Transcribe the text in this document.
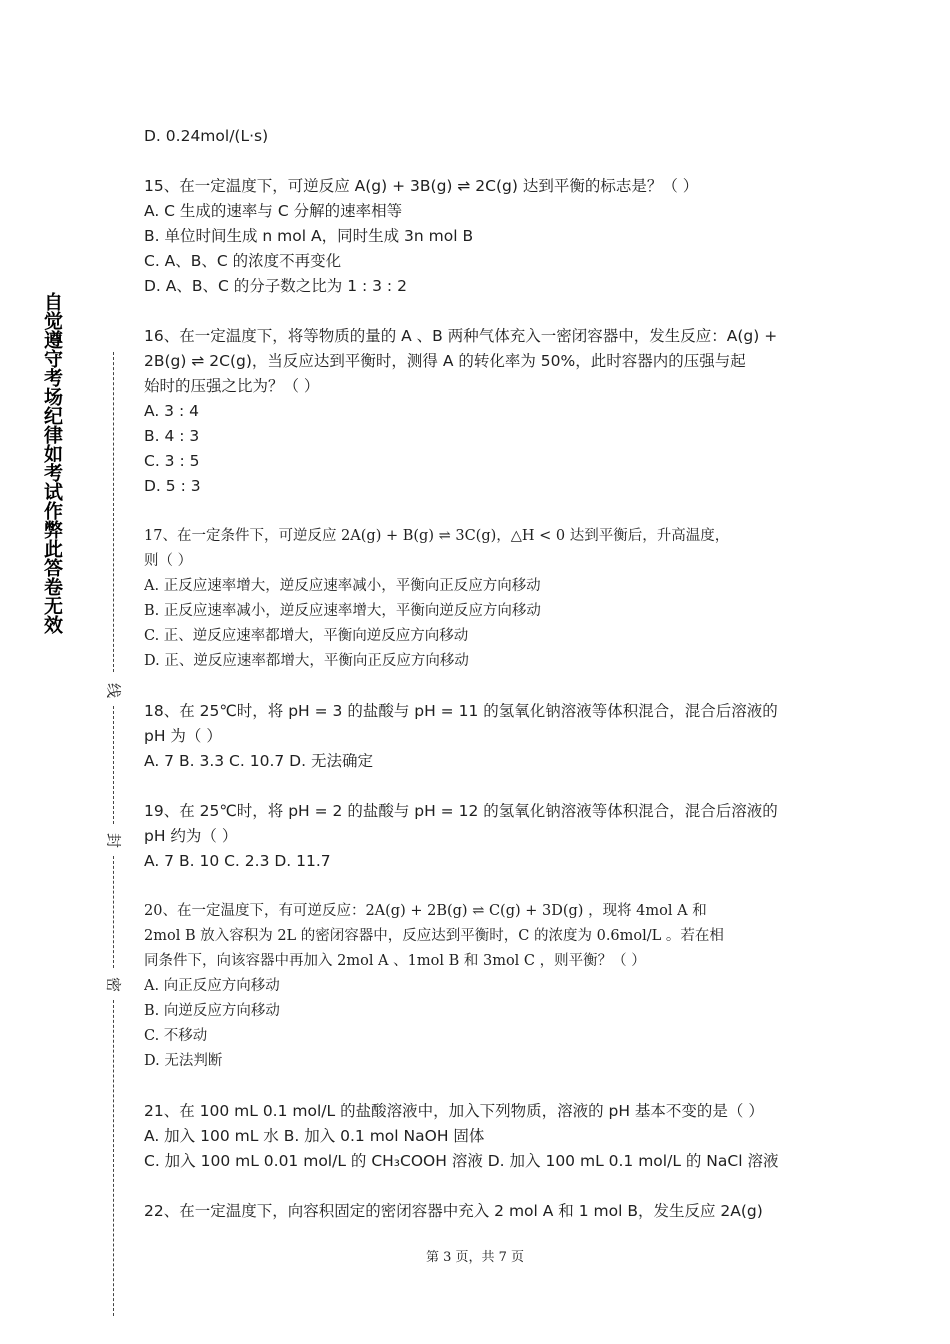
自觉遵守考场纪律如考试作弊此答卷无效
线
封
密
D. 0.24mol/(L·s)
15、在一定温度下，可逆反应 A(g) + 3B(g) ⇌ 2C(g) 达到平衡的标志是？（ ）
A. C 生成的速率与 C 分解的速率相等
B. 单位时间生成 n mol A，同时生成 3n mol B
C. A、B、C 的浓度不再变化
D. A、B、C 的分子数之比为 1 : 3 : 2
16、在一定温度下，将等物质的量的 A 、B 两种气体充入一密闭容器中，发生反应：A(g) +
2B(g) ⇌ 2C(g)，当反应达到平衡时，测得 A 的转化率为 50%，此时容器内的压强与起
始时的压强之比为？（ ）
A. 3 : 4
B. 4 : 3
C. 3 : 5
D. 5 : 3
17、在一定条件下，可逆反应 2A(g) + B(g) ⇌ 3C(g)，△H < 0 达到平衡后，升高温度，
则（ ）
A. 正反应速率增大，逆反应速率减小，平衡向正反应方向移动
B. 正反应速率减小，逆反应速率增大，平衡向逆反应方向移动
C. 正、逆反应速率都增大，平衡向逆反应方向移动
D. 正、逆反应速率都增大，平衡向正反应方向移动
18、在 25℃时，将 pH = 3 的盐酸与 pH = 11 的氢氧化钠溶液等体积混合，混合后溶液的
pH 为（ ）
A. 7 B. 3.3 C. 10.7 D. 无法确定
19、在 25℃时，将 pH = 2 的盐酸与 pH = 12 的氢氧化钠溶液等体积混合，混合后溶液的
pH 约为（ ）
A. 7 B. 10 C. 2.3 D. 11.7
20、在一定温度下，有可逆反应：2A(g) + 2B(g) ⇌ C(g) + 3D(g) ，现将 4mol A 和
2mol B 放入容积为 2L 的密闭容器中，反应达到平衡时，C 的浓度为 0.6mol/L 。若在相
同条件下，向该容器中再加入 2mol A 、1mol B 和 3mol C ，则平衡？（ ）
A. 向正反应方向移动
B. 向逆反应方向移动
C. 不移动
D. 无法判断
21、在 100 mL 0.1 mol/L 的盐酸溶液中，加入下列物质，溶液的 pH 基本不变的是（ ）
A. 加入 100 mL 水 B. 加入 0.1 mol NaOH 固体
C. 加入 100 mL 0.01 mol/L 的 CH₃COOH 溶液 D. 加入 100 mL 0.1 mol/L 的 NaCl 溶液
22、在一定温度下，向容积固定的密闭容器中充入 2 mol A 和 1 mol B，发生反应 2A(g)
第 3 页，共 7 页
